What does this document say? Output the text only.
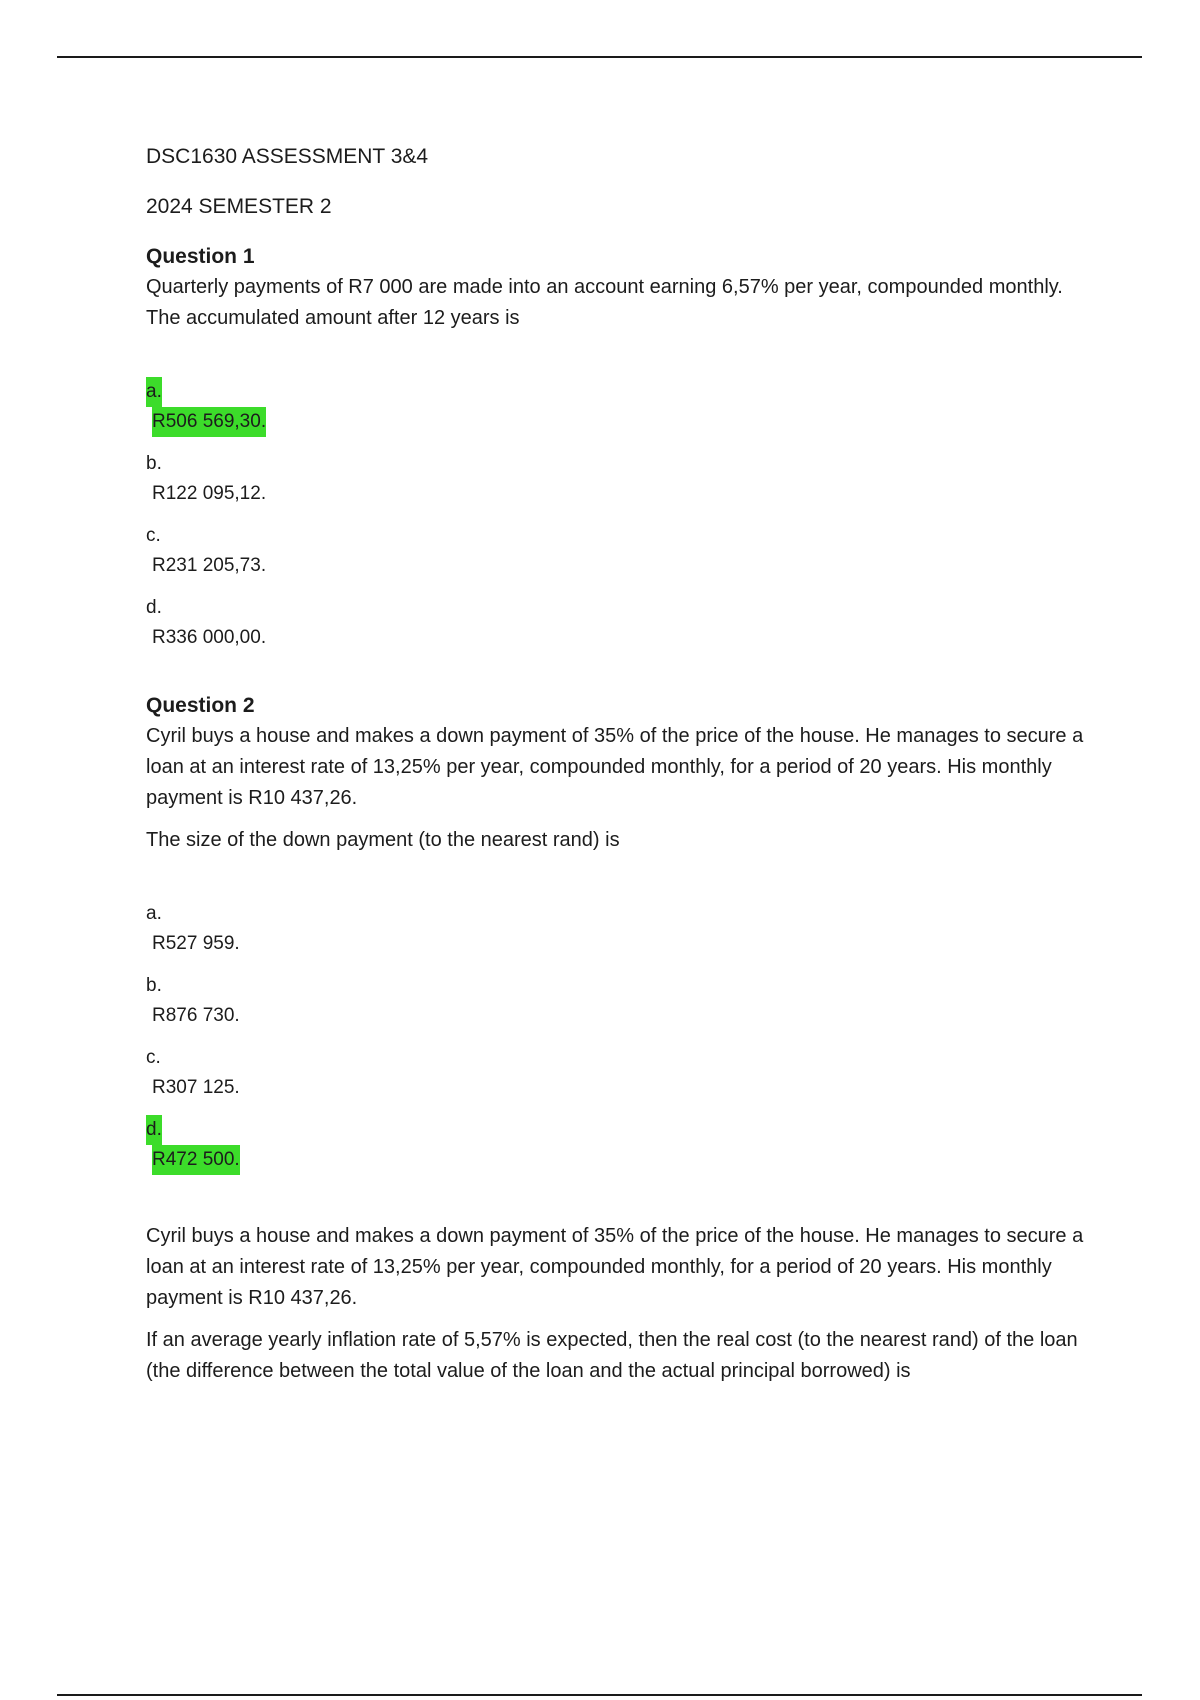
DSC1630 ASSESSMENT 3&4

2024 SEMESTER 2

Question 1

Quarterly payments of R7 000 are made into an account earning 6,57% per year, compounded monthly. The accumulated amount after 12 years is

a.
R506 569,30.
b.
R122 095,12.
c.
R231 205,73.
d.
R336 000,00.

Question 2

Cyril buys a house and makes a down payment of 35% of the price of the house. He manages to secure a loan at an interest rate of 13,25% per year, compounded monthly, for a period of 20 years. His monthly payment is R10 437,26.

The size of the down payment (to the nearest rand) is

a.
R527 959.
b.
R876 730.
c.
R307 125.
d.
R472 500.

Cyril buys a house and makes a down payment of 35% of the price of the house. He manages to secure a loan at an interest rate of 13,25% per year, compounded monthly, for a period of 20 years. His monthly payment is R10 437,26.

If an average yearly inflation rate of 5,57% is expected, then the real cost (to the nearest rand) of the loan (the difference between the total value of the loan and the actual principal borrowed) is
